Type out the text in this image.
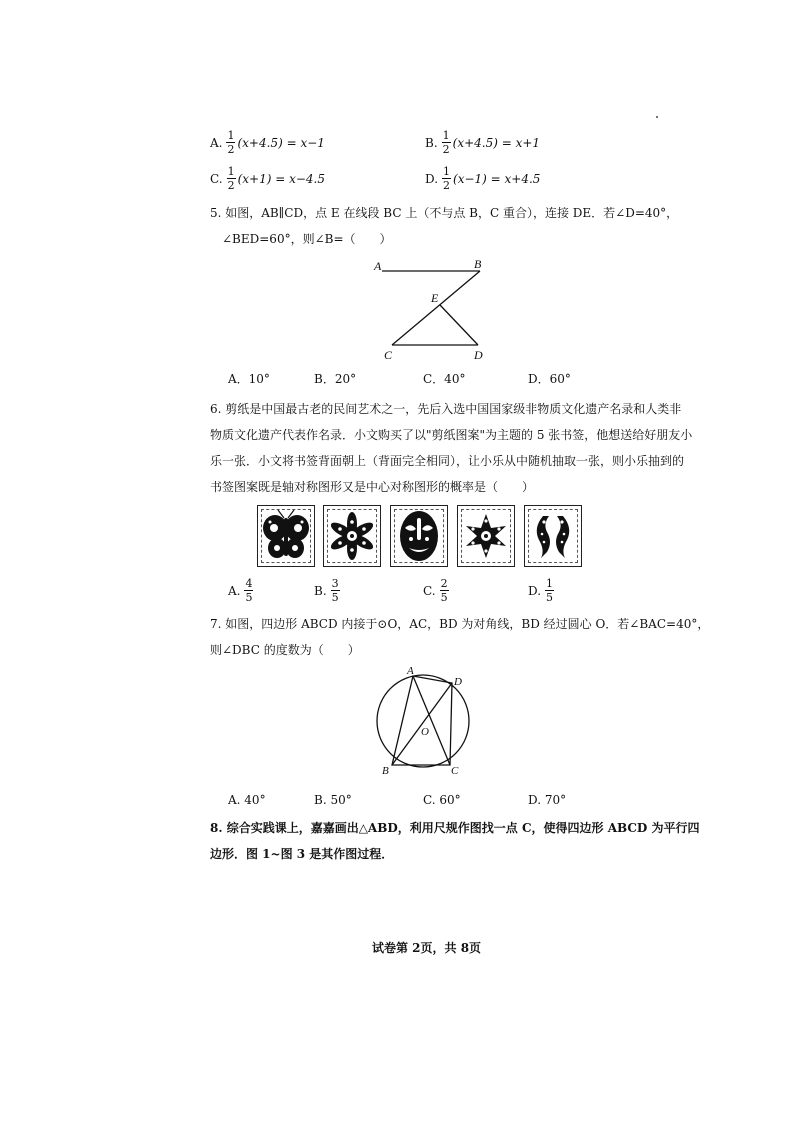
A. $\frac{1}{2} (x+4.5) = x-1$	B. $\frac{1}{2} (x+4.5) = x+1$
C. $\frac{1}{2} (x+1) = x-4.5$	D. $\frac{1}{2} (x-1) = x+4.5$
5. 如图，AB∥CD，点 E 在线段 BC 上（不与点 B，C 重合），连接 DE．若∠D=40°，
∠BED=60°，则∠B=（　　）
A	B
E
C	D
A．10°	B．20°	C．40°	D．60°
6. 剪纸是中国最古老的民间艺术之一，先后入选中国国家级非物质文化遗产名录和人类非
物质文化遗产代表作名录．小文购买了以"剪纸图案"为主题的 5 张书签，他想送给好朋友小
乐一张．小文将书签背面朝上（背面完全相同），让小乐从中随机抽取一张，则小乐抽到的
书签图案既是轴对称图形又是中心对称图形的概率是（　　）
A. $\frac{4}{5}$	B. $\frac{3}{5}$	C. $\frac{2}{5}$	D. $\frac{1}{5}$
7. 如图，四边形 ABCD 内接于⊙O，AC，BD 为对角线，BD 经过圆心 O．若∠BAC=40°，
则∠DBC 的度数为（　　）
A
D
O
B	C
A. 40°	B. 50°	C. 60°	D. 70°
8. 综合实践课上，嘉嘉画出△ABD，利用尺规作图找一点 C，使得四边形 ABCD 为平行四
边形．图 1~图 3 是其作图过程．
试卷第 2页，共 8页
